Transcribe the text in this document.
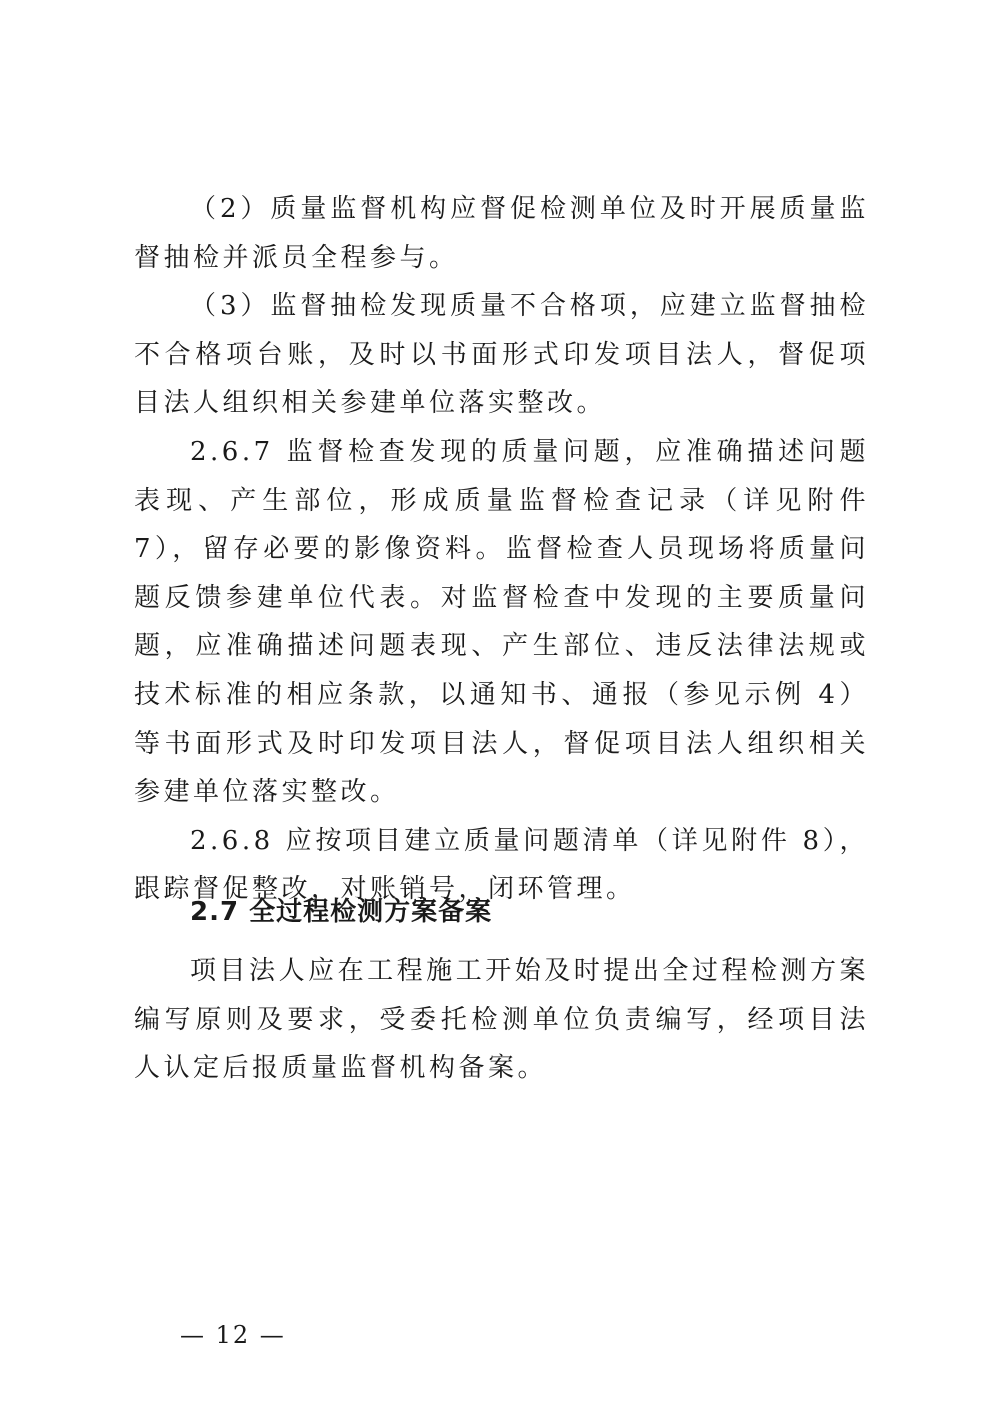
（2）质量监督机构应督促检测单位及时开展质量监督抽检并派员全程参与。

（3）监督抽检发现质量不合格项，应建立监督抽检不合格项台账，及时以书面形式印发项目法人，督促项目法人组织相关参建单位落实整改。

2.6.7 监督检查发现的质量问题，应准确描述问题表现、产生部位，形成质量监督检查记录（详见附件 7），留存必要的影像资料。监督检查人员现场将质量问题反馈参建单位代表。对监督检查中发现的主要质量问题，应准确描述问题表现、产生部位、违反法律法规或技术标准的相应条款，以通知书、通报（参见示例 4）等书面形式及时印发项目法人，督促项目法人组织相关参建单位落实整改。

2.6.8 应按项目建立质量问题清单（详见附件 8），跟踪督促整改，对账销号，闭环管理。

2.7 全过程检测方案备案

项目法人应在工程施工开始及时提出全过程检测方案编写原则及要求，受委托检测单位负责编写，经项目法人认定后报质量监督机构备案。

— 12 —
